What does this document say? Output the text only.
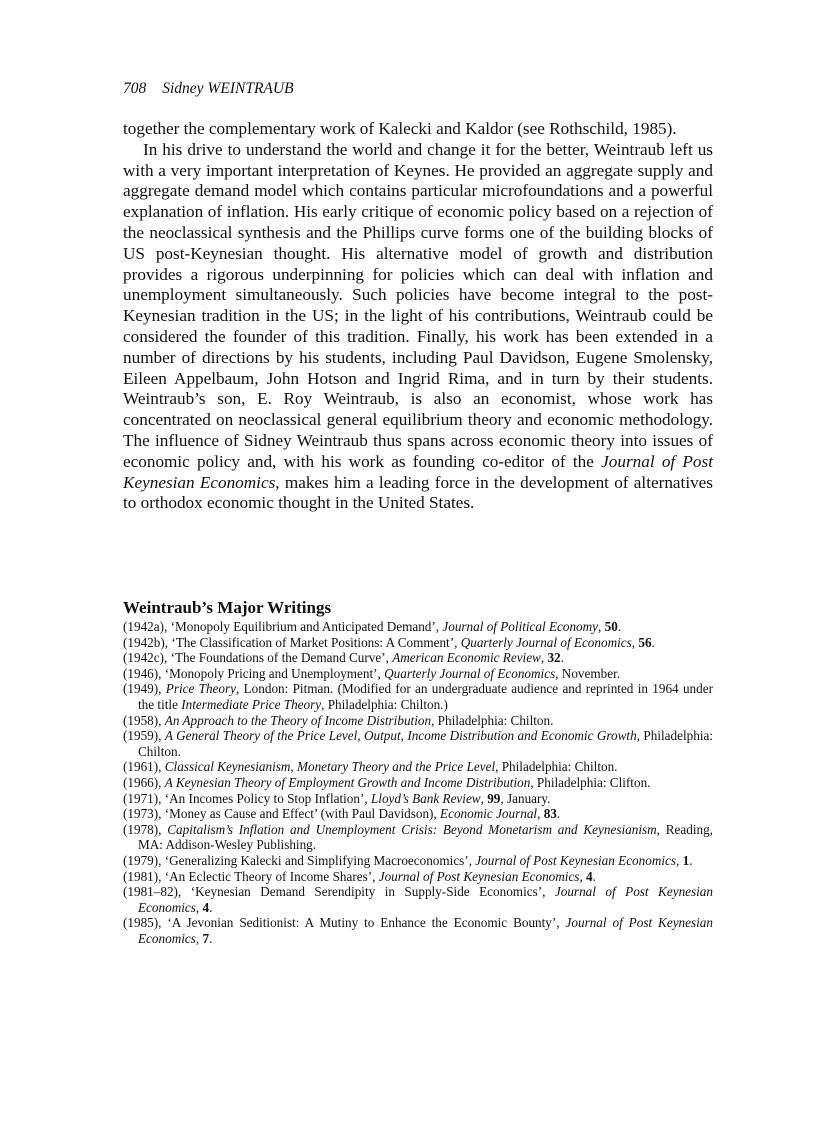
708 Sidney WEINTRAUB

together the complementary work of Kalecki and Kaldor (see Rothschild, 1985).

In his drive to understand the world and change it for the better, Weintraub left us with a very important interpretation of Keynes. He provided an aggregate supply and aggregate demand model which contains particular microfoundations and a powerful explanation of inflation. His early critique of economic policy based on a rejection of the neoclassical synthesis and the Phillips curve forms one of the building blocks of US post-Keynesian thought. His alternative model of growth and distribution provides a rigorous underpinning for policies which can deal with inflation and unemployment simultaneously. Such policies have become integral to the post-Keynesian tradition in the US; in the light of his contributions, Weintraub could be considered the founder of this tradition. Finally, his work has been extended in a number of directions by his students, including Paul Davidson, Eugene Smolensky, Eileen Appelbaum, John Hotson and Ingrid Rima, and in turn by their students. Weintraub’s son, E. Roy Weintraub, is also an economist, whose work has concentrated on neoclassical general equilibrium theory and economic methodology. The influence of Sidney Weintraub thus spans across economic theory into issues of economic policy and, with his work as founding co-editor of the Journal of Post Keynesian Economics, makes him a leading force in the development of alternatives to orthodox economic thought in the United States.

Weintraub’s Major Writings
(1942a), ‘Monopoly Equilibrium and Anticipated Demand’, Journal of Political Economy, 50.
(1942b), ‘The Classification of Market Positions: A Comment’, Quarterly Journal of Economics, 56.
(1942c), ‘The Foundations of the Demand Curve’, American Economic Review, 32.
(1946), ‘Monopoly Pricing and Unemployment’, Quarterly Journal of Economics, November.
(1949), Price Theory, London: Pitman. (Modified for an undergraduate audience and reprinted in 1964 under the title Intermediate Price Theory, Philadelphia: Chilton.)
(1958), An Approach to the Theory of Income Distribution, Philadelphia: Chilton.
(1959), A General Theory of the Price Level, Output, Income Distribution and Economic Growth, Philadelphia: Chilton.
(1961), Classical Keynesianism, Monetary Theory and the Price Level, Philadelphia: Chilton.
(1966), A Keynesian Theory of Employment Growth and Income Distribution, Philadelphia: Clifton.
(1971), ‘An Incomes Policy to Stop Inflation’, Lloyd’s Bank Review, 99, January.
(1973), ‘Money as Cause and Effect’ (with Paul Davidson), Economic Journal, 83.
(1978), Capitalism’s Inflation and Unemployment Crisis: Beyond Monetarism and Keynesianism, Reading, MA: Addison-Wesley Publishing.
(1979), ‘Generalizing Kalecki and Simplifying Macroeconomics’, Journal of Post Keynesian Economics, 1.
(1981), ‘An Eclectic Theory of Income Shares’, Journal of Post Keynesian Economics, 4.
(1981–82), ‘Keynesian Demand Serendipity in Supply-Side Economics’, Journal of Post Keynesian Economics, 4.
(1985), ‘A Jevonian Seditionist: A Mutiny to Enhance the Economic Bounty’, Journal of Post Keynesian Economics, 7.
